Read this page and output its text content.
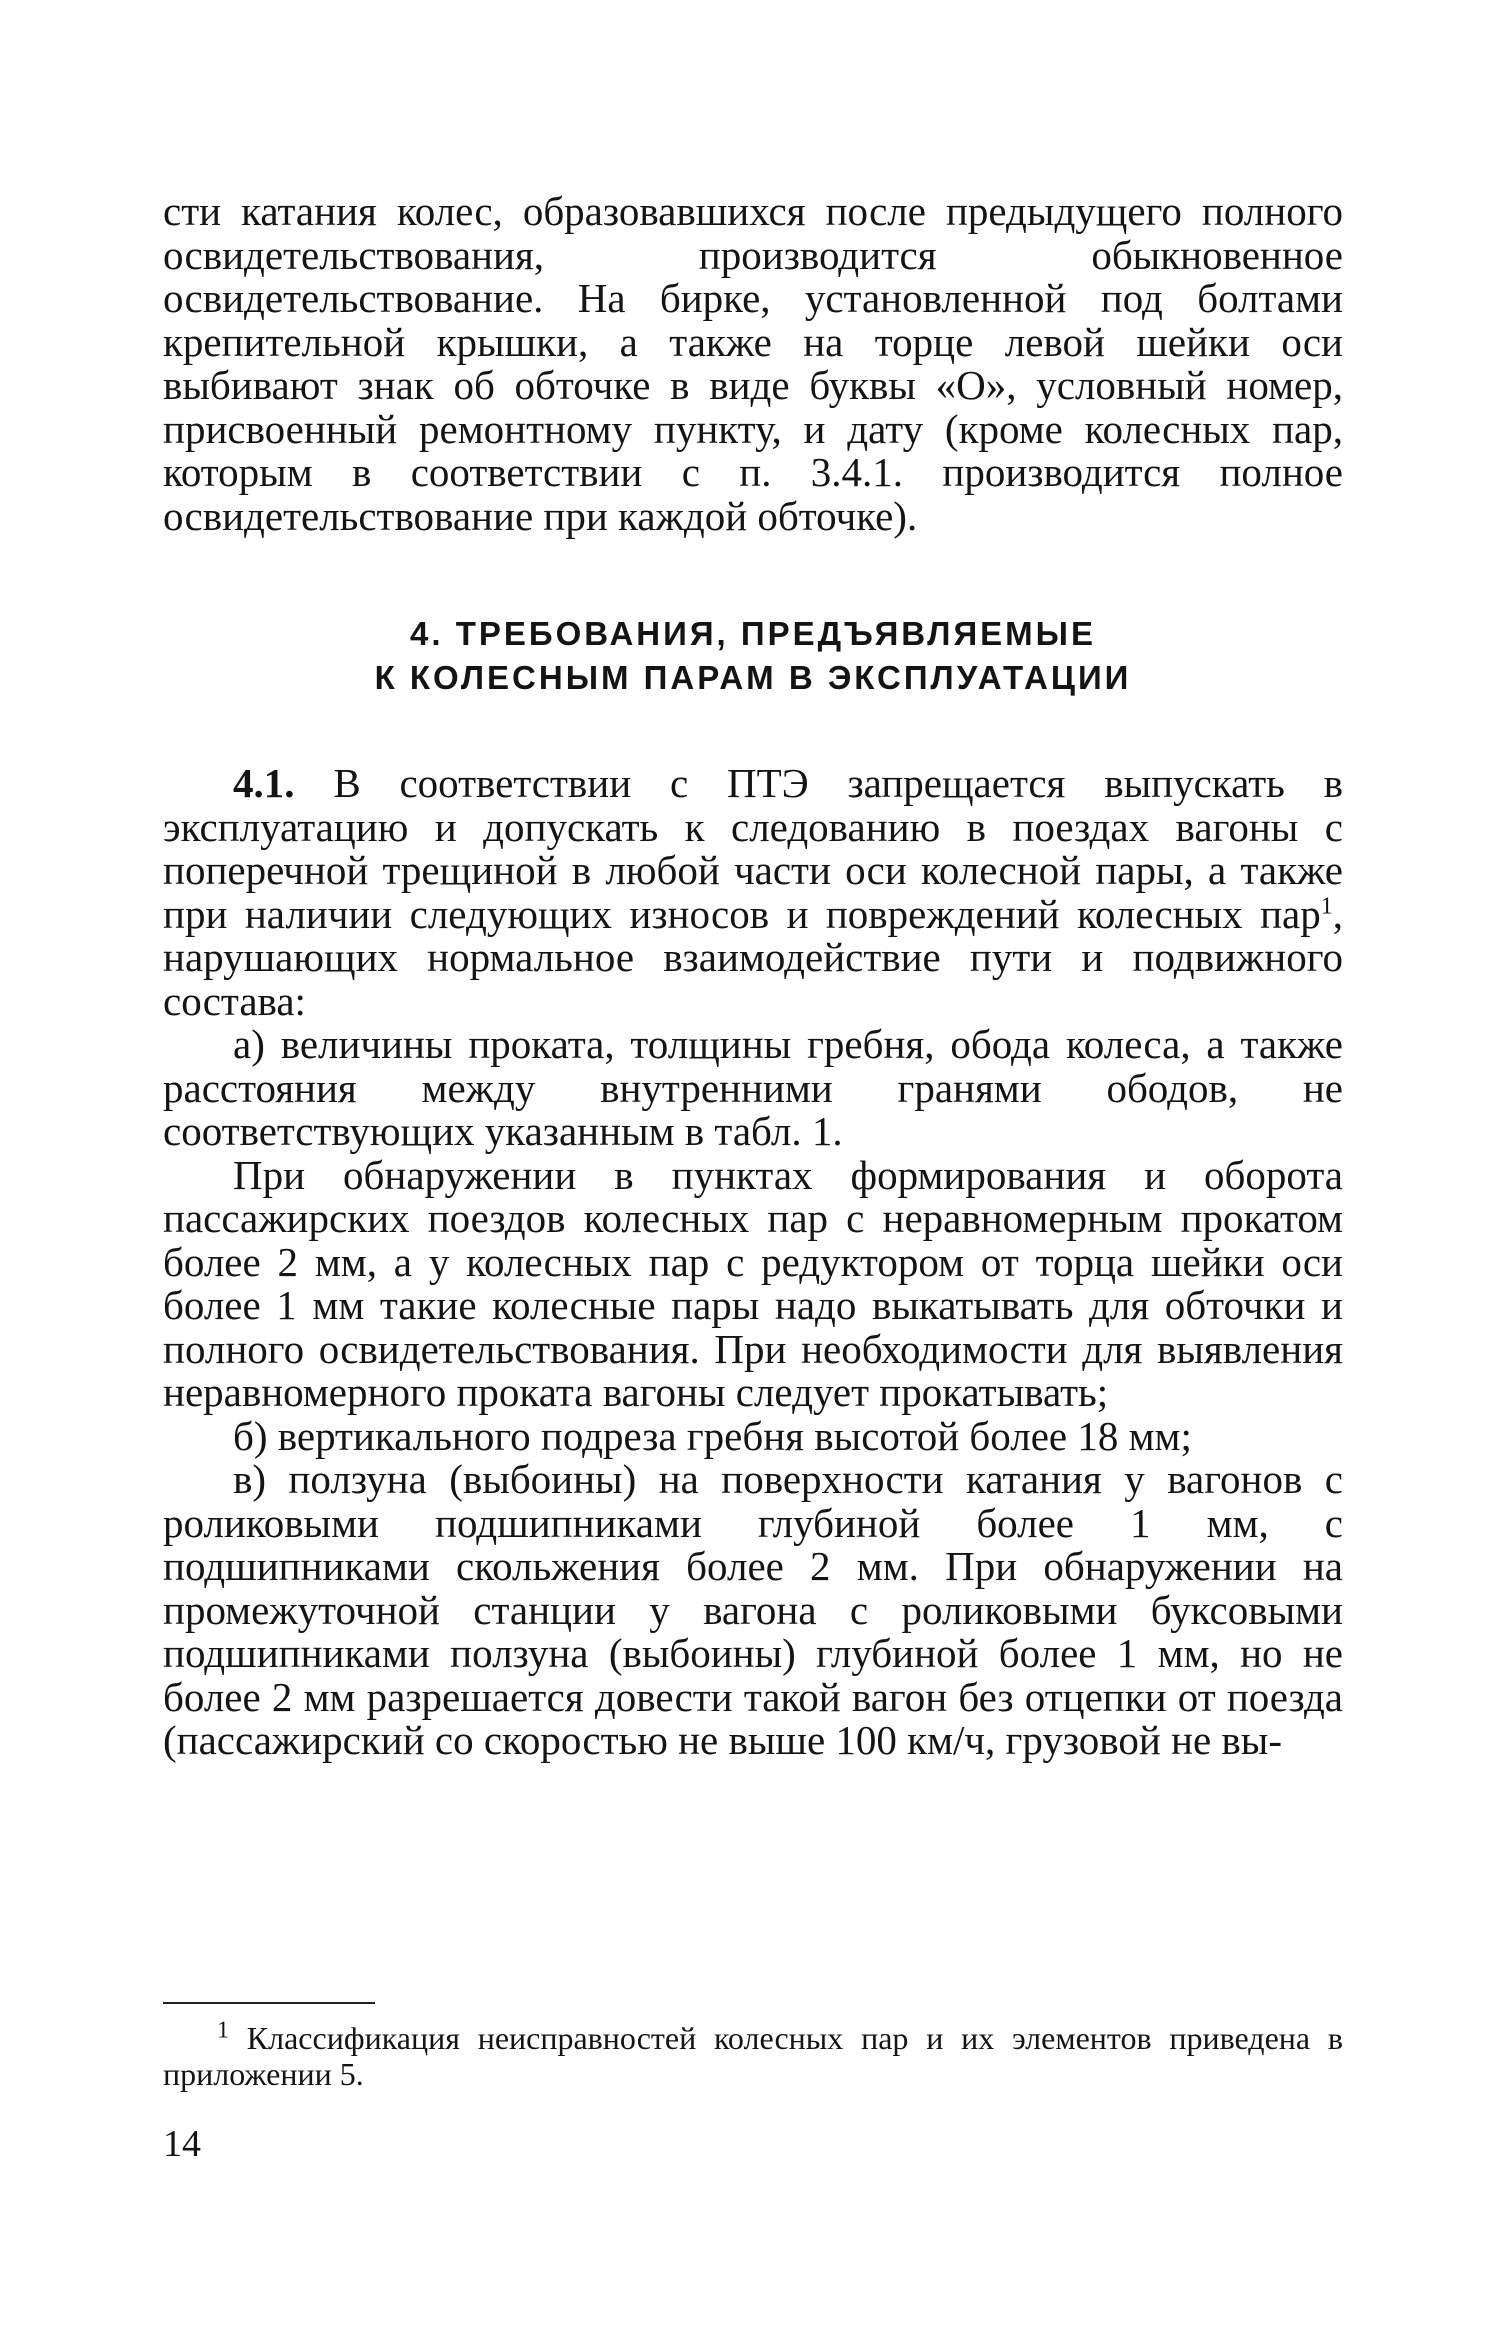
сти катания колес, образовавшихся после предыдущего полного освидетельствования, производится обыкновенное освидетельствование. На бирке, установленной под болтами крепительной крышки, а также на торце левой шейки оси выбивают знак об обточке в виде буквы «О», условный номер, присвоенный ремонтному пункту, и дату (кроме колесных пар, которым в соответствии с п. 3.4.1. производится полное освидетельствование при каждой обточке).

4. ТРЕБОВАНИЯ, ПРЕДЪЯВЛЯЕМЫЕ

К КОЛЕСНЫМ ПАРАМ В ЭКСПЛУАТАЦИИ

4.1. В соответствии с ПТЭ запрещается выпускать в эксплуатацию и допускать к следованию в поездах вагоны с поперечной трещиной в любой части оси колесной пары, а также при наличии следующих износов и повреждений колесных пар$^1$, нарушающих нормальное взаимодействие пути и подвижного состава:

а) величины проката, толщины гребня, обода колеса, а также расстояния между внутренними гранями ободов, не соответствующих указанным в табл. 1.

При обнаружении в пунктах формирования и оборота пассажирских поездов колесных пар с неравномерным прокатом более 2 мм, а у колесных пар с редуктором от торца шейки оси более 1 мм такие колесные пары надо выкатывать для обточки и полного освидетельствования. При необходимости для выявления неравномерного проката вагоны следует прокатывать;

б) вертикального подреза гребня высотой более 18 мм;

в) ползуна (выбоины) на поверхности катания у вагонов с роликовыми подшипниками глубиной более 1 мм, с подшипниками скольжения более 2 мм. При обнаружении на промежуточной станции у вагона с роликовыми буксовыми подшипниками ползуна (выбоины) глубиной более 1 мм, но не более 2 мм разрешается довести такой вагон без отцепки от поезда (пассажирский со скоростью не выше 100 км/ч, грузовой не вы-

$^1$ Классификация неисправностей колесных пар и их элементов приведена в приложении 5.

14
